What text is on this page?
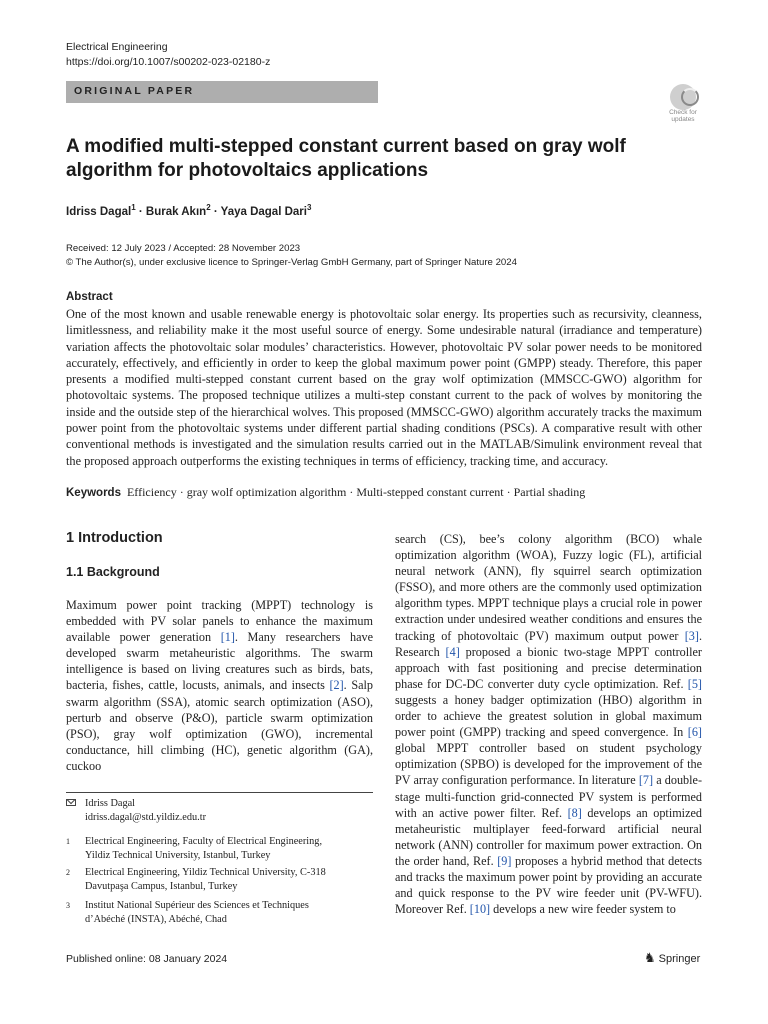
Electrical Engineering
https://doi.org/10.1007/s00202-023-02180-z
ORIGINAL PAPER
Check for
updates
A modified multi-stepped constant current based on gray wolf algorithm for photovoltaics applications
Idriss Dagal$^1$ · Burak Akın$^2$ · Yaya Dagal Dari$^3$
Received: 12 July 2023 / Accepted: 28 November 2023
© The Author(s), under exclusive licence to Springer-Verlag GmbH Germany, part of Springer Nature 2024
Abstract
One of the most known and usable renewable energy is photovoltaic solar energy. Its properties such as recursivity, cleanness, limitlessness, and reliability make it the most useful source of energy. Some undesirable natural (irradiance and temperature) variation affects the photovoltaic solar modules’ characteristics. However, photovoltaic PV solar power needs to be monitored accurately, effectively, and efficiently in order to keep the global maximum power point (GMPP) steady. Therefore, this paper presents a modified multi-stepped constant current based on the gray wolf optimization (MMSCC-GWO) algorithm for photovoltaic systems. The proposed technique utilizes a multi-step constant current to the pack of wolves by monitoring the inside and the outside step of the hierarchical wolves. This proposed (MMSCC-GWO) algorithm accurately tracks the maximum power point from the photovoltaic systems under different partial shading conditions (PSCs). A comparative result with other conventional methods is investigated and the simulation results carried out in the MATLAB/Simulink environment reveal that the proposed approach outperforms the existing techniques in terms of efficiency, tracking time, and accuracy.
Keywords Efficiency · gray wolf optimization algorithm · Multi-stepped constant current · Partial shading
1 Introduction
1.1 Background
Maximum power point tracking (MPPT) technology is embedded with PV solar panels to enhance the maximum available power generation [1]. Many researchers have developed swarm metaheuristic algorithms. The swarm intelligence is based on living creatures such as birds, bats, bacteria, fishes, cattle, locusts, animals, and insects [2]. Salp swarm algorithm (SSA), atomic search optimization (ASO), perturb and observe (P&O), particle swarm optimization (PSO), gray wolf optimization (GWO), incremental conductance, hill climbing (HC), genetic algorithm (GA), cuckoo
search (CS), bee’s colony algorithm (BCO) whale optimization algorithm (WOA), Fuzzy logic (FL), artificial neural network (ANN), fly squirrel search optimization (FSSO), and more others are the commonly used optimization algorithm types. MPPT technique plays a crucial role in power extraction under undesired weather conditions and ensures the tracking of photovoltaic (PV) maximum output power [3]. Research [4] proposed a bionic two-stage MPPT controller approach with fast positioning and precise determination phase for DC-DC converter duty cycle optimization. Ref. [5] suggests a honey badger optimization (HBO) algorithm in order to achieve the greatest solution in global maximum power point (GMPP) tracking and speed convergence. In [6] global MPPT controller based on student psychology optimization (SPBO) is developed for the improvement of the PV array configuration performance. In literature [7] a double-stage multi-function grid-connected PV system is performed with an active power filter. Ref. [8] develops an optimized metaheuristic multiplayer feed-forward artificial neural network (ANN) controller for maximum power extraction. On the order hand, Ref. [9] proposes a hybrid method that detects and tracks the maximum power point by providing an accurate and quick response to the PV wire feeder unit (PV-WFU). Moreover Ref. [10] develops a new wire feeder system to
Idriss Dagal
idriss.dagal@std.yildiz.edu.tr
1 Electrical Engineering, Faculty of Electrical Engineering,
Yildiz Technical University, Istanbul, Turkey
2 Electrical Engineering, Yildiz Technical University, C-318
Davutpaşa Campus, Istanbul, Turkey
3 Institut National Supérieur des Sciences et Techniques
d’Abéché (INSTA), Abéché, Chad
Published online: 08 January 2024	♞ Springer
